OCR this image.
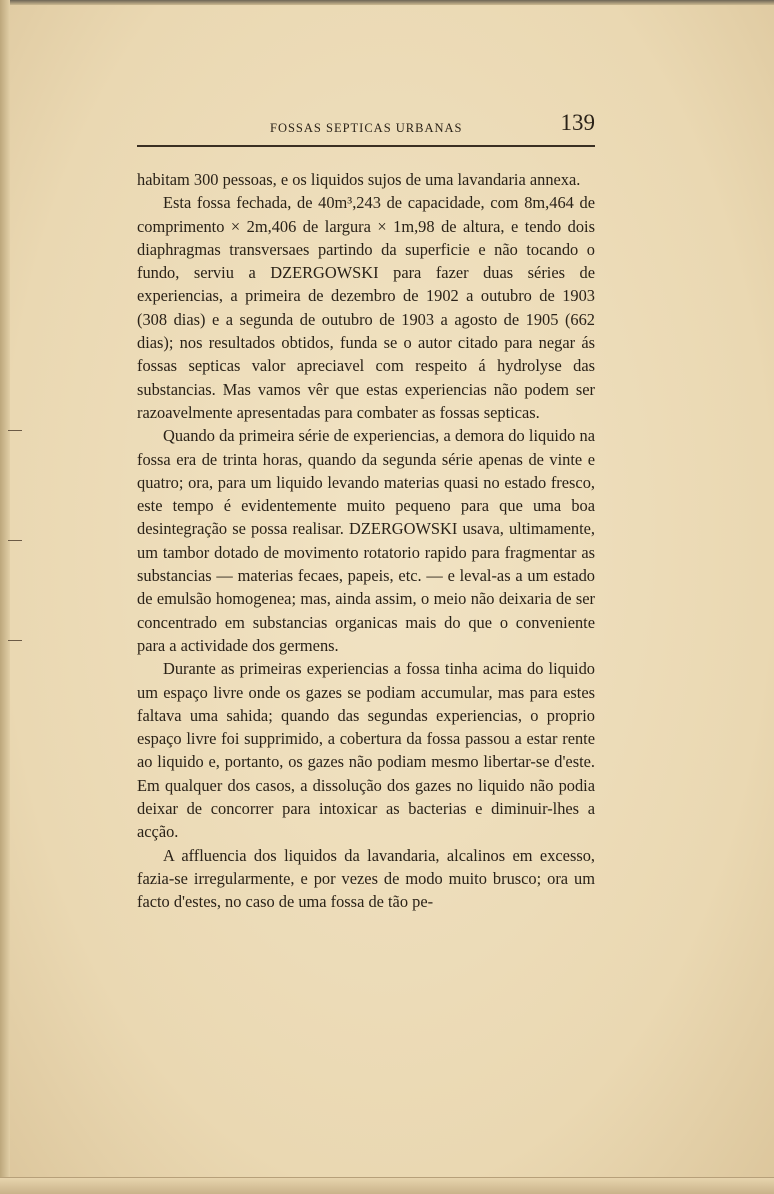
FOSSAS SEPTICAS URBANAS	139

habitam 300 pessoas, e os liquidos sujos de uma lavandaria annexa.

Esta fossa fechada, de 40m³,243 de capacidade, com 8m,464 de comprimento × 2m,406 de largura × 1m,98 de altura, e tendo dois diaphragmas transversaes partindo da superficie e não tocando o fundo, serviu a DZERGOWSKI para fazer duas séries de experiencias, a primeira de dezembro de 1902 a outubro de 1903 (308 dias) e a segunda de outubro de 1903 a agosto de 1905 (662 dias); nos resultados obtidos, funda se o autor citado para negar ás fossas septicas valor apreciavel com respeito á hydrolyse das substancias. Mas vamos vêr que estas experiencias não podem ser razoavelmente apresentadas para combater as fossas septicas.

Quando da primeira série de experiencias, a demora do liquido na fossa era de trinta horas, quando da segunda série apenas de vinte e quatro; ora, para um liquido levando materias quasi no estado fresco, este tempo é evidentemente muito pequeno para que uma boa desintegração se possa realisar. DZERGOWSKI usava, ultimamente, um tambor dotado de movimento rotatorio rapido para fragmentar as substancias — materias fecaes, papeis, etc. — e leval-as a um estado de emulsão homogenea; mas, ainda assim, o meio não deixaria de ser concentrado em substancias organicas mais do que o conveniente para a actividade dos germens.

Durante as primeiras experiencias a fossa tinha acima do liquido um espaço livre onde os gazes se podiam accumular, mas para estes faltava uma sahida; quando das segundas experiencias, o proprio espaço livre foi supprimido, a cobertura da fossa passou a estar rente ao liquido e, portanto, os gazes não podiam mesmo libertar-se d'este. Em qualquer dos casos, a dissolução dos gazes no liquido não podia deixar de concorrer para intoxicar as bacterias e diminuir-lhes a acção.

A affluencia dos liquidos da lavandaria, alcalinos em excesso, fazia-se irregularmente, e por vezes de modo muito brusco; ora um facto d'estes, no caso de uma fossa de tão pe-
